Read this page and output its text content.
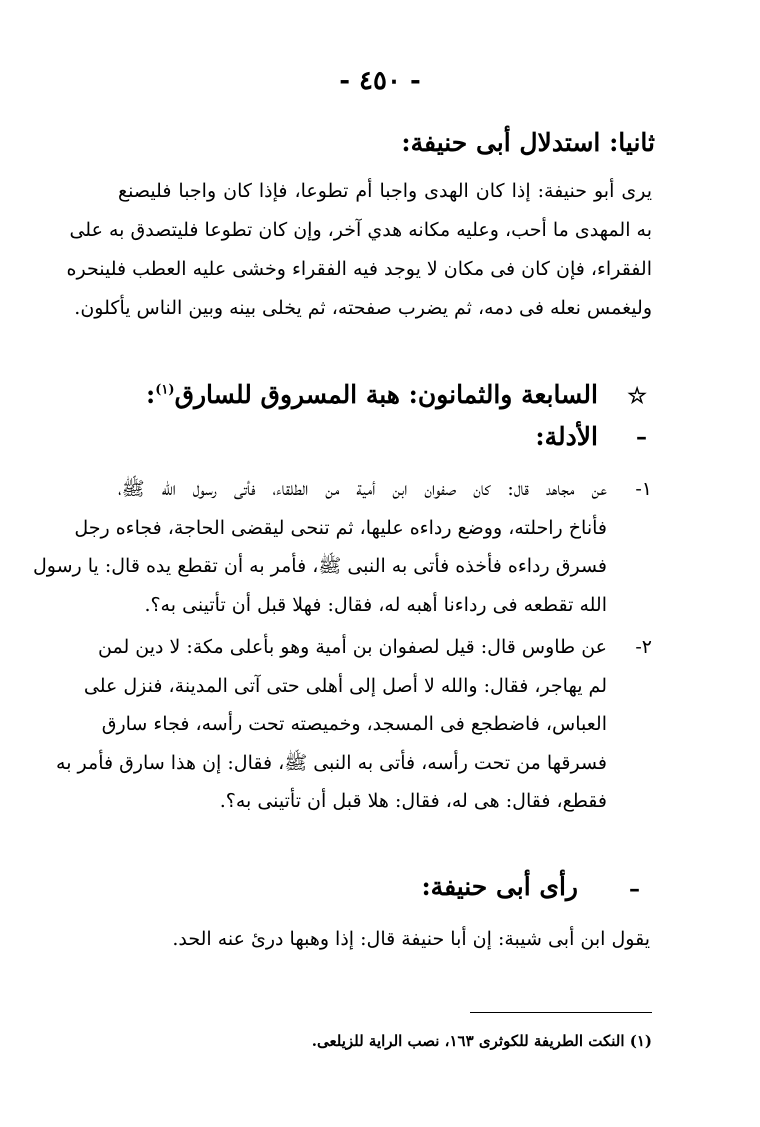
- ٤٥٠ -
ثانيا: استدلال أبى حنيفة:
يرى أبو حنيفة: إذا كان الهدى واجبا أم تطوعا، فإذا كان واجبا فليصنع
به المهدى ما أحب، وعليه مكانه هدي آخر، وإن كان تطوعا فليتصدق به على
الفقراء، فإن كان فى مكان لا يوجد فيه الفقراء وخشى عليه العطب فلينحره
وليغمس نعله فى دمه، ثم يضرب صفحته، ثم يخلى بينه وبين الناس يأكلون.
☆
السابعة والثمانون: هبة المسروق للسارق$^{(١)}$:
–
الأدلة:
١-
عن مجاهد قال: كان صفوان ابن أمية من الطلقاء، فأتى رسول الله ﷺ،
فأناخ راحلته، ووضع رداءه عليها، ثم تنحى ليقضى الحاجة، فجاءه رجل
فسرق رداءه فأخذه فأتى به النبى ﷺ، فأمر به أن تقطع يده قال: يا رسول
الله تقطعه فى رداءنا أهبه له، فقال: فهلا قبل أن تأتينى به؟.
٢-
عن طاوس قال: قيل لصفوان بن أمية وهو بأعلى مكة: لا دين لمن
لم يهاجر، فقال: والله لا أصل إلى أهلى حتى آتى المدينة، فنزل على
العباس، فاضطجع فى المسجد، وخميصته تحت رأسه، فجاء سارق
فسرقها من تحت رأسه، فأتى به النبى ﷺ، فقال: إن هذا سارق فأمر به
فقطع، فقال: هى له، فقال: هلا قبل أن تأتينى به؟.
–
رأى أبى حنيفة:
يقول ابن أبى شيبة: إن أبا حنيفة قال: إذا وهبها درئ عنه الحد.
(١) النكت الطريفة للكوثرى ١٦٣، نصب الراية للزيلعى.
